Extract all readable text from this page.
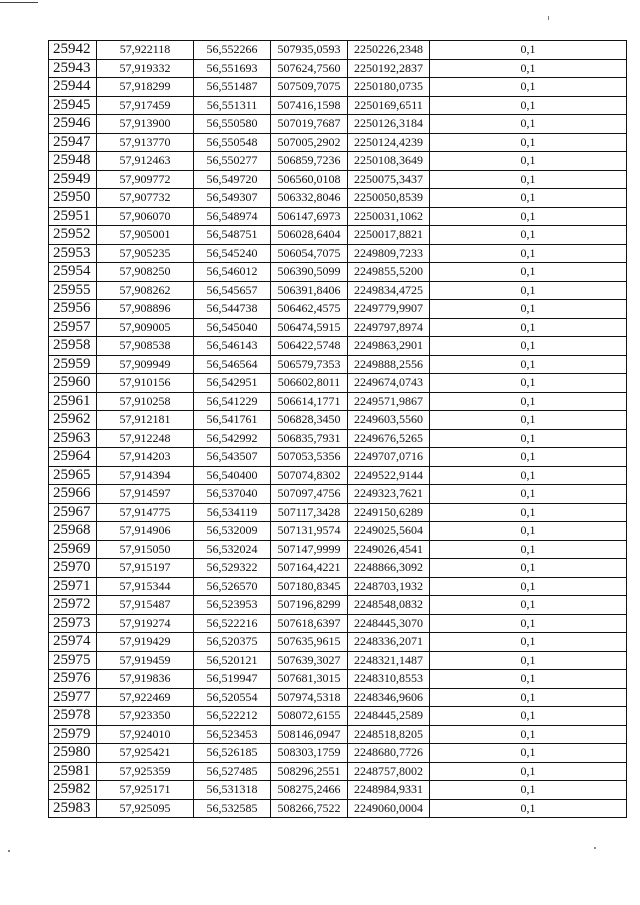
25942	57,922118	56,552266	507935,0593	2250226,2348	0,1
25943	57,919332	56,551693	507624,7560	2250192,2837	0,1
25944	57,918299	56,551487	507509,7075	2250180,0735	0,1
25945	57,917459	56,551311	507416,1598	2250169,6511	0,1
25946	57,913900	56,550580	507019,7687	2250126,3184	0,1
25947	57,913770	56,550548	507005,2902	2250124,4239	0,1
25948	57,912463	56,550277	506859,7236	2250108,3649	0,1
25949	57,909772	56,549720	506560,0108	2250075,3437	0,1
25950	57,907732	56,549307	506332,8046	2250050,8539	0,1
25951	57,906070	56,548974	506147,6973	2250031,1062	0,1
25952	57,905001	56,548751	506028,6404	2250017,8821	0,1
25953	57,905235	56,545240	506054,7075	2249809,7233	0,1
25954	57,908250	56,546012	506390,5099	2249855,5200	0,1
25955	57,908262	56,545657	506391,8406	2249834,4725	0,1
25956	57,908896	56,544738	506462,4575	2249779,9907	0,1
25957	57,909005	56,545040	506474,5915	2249797,8974	0,1
25958	57,908538	56,546143	506422,5748	2249863,2901	0,1
25959	57,909949	56,546564	506579,7353	2249888,2556	0,1
25960	57,910156	56,542951	506602,8011	2249674,0743	0,1
25961	57,910258	56,541229	506614,1771	2249571,9867	0,1
25962	57,912181	56,541761	506828,3450	2249603,5560	0,1
25963	57,912248	56,542992	506835,7931	2249676,5265	0,1
25964	57,914203	56,543507	507053,5356	2249707,0716	0,1
25965	57,914394	56,540400	507074,8302	2249522,9144	0,1
25966	57,914597	56,537040	507097,4756	2249323,7621	0,1
25967	57,914775	56,534119	507117,3428	2249150,6289	0,1
25968	57,914906	56,532009	507131,9574	2249025,5604	0,1
25969	57,915050	56,532024	507147,9999	2249026,4541	0,1
25970	57,915197	56,529322	507164,4221	2248866,3092	0,1
25971	57,915344	56,526570	507180,8345	2248703,1932	0,1
25972	57,915487	56,523953	507196,8299	2248548,0832	0,1
25973	57,919274	56,522216	507618,6397	2248445,3070	0,1
25974	57,919429	56,520375	507635,9615	2248336,2071	0,1
25975	57,919459	56,520121	507639,3027	2248321,1487	0,1
25976	57,919836	56,519947	507681,3015	2248310,8553	0,1
25977	57,922469	56,520554	507974,5318	2248346,9606	0,1
25978	57,923350	56,522212	508072,6155	2248445,2589	0,1
25979	57,924010	56,523453	508146,0947	2248518,8205	0,1
25980	57,925421	56,526185	508303,1759	2248680,7726	0,1
25981	57,925359	56,527485	508296,2551	2248757,8002	0,1
25982	57,925171	56,531318	508275,2466	2248984,9331	0,1
25983	57,925095	56,532585	508266,7522	2249060,0004	0,1
